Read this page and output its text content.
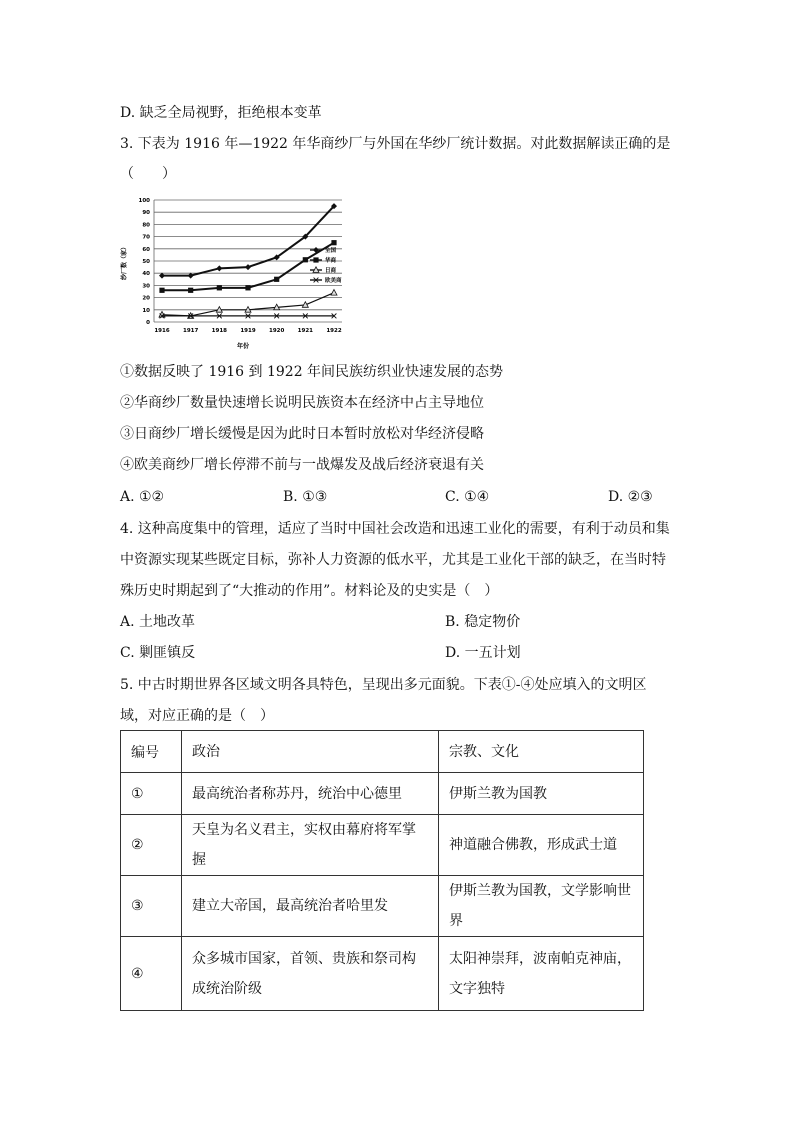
D. 缺乏全局视野，拒绝根本变革
3. 下表为 1916 年—1922 年华商纱厂与外国在华纱厂统计数据。对此数据解读正确的是
（　　）
0
10
20
30
40
50
60
70
80
90
100
1916 1917 1918 1919 1920 1921 1922
全国
华商
日商
欧美商
纱厂数（家）
年份
①数据反映了 1916 到 1922 年间民族纺织业快速发展的态势
②华商纱厂数量快速增长说明民族资本在经济中占主导地位
③日商纱厂增长缓慢是因为此时日本暂时放松对华经济侵略
④欧美商纱厂增长停滞不前与一战爆发及战后经济衰退有关
A. ①②	B. ①③	C. ①④	D. ②③
4. 这种高度集中的管理，适应了当时中国社会改造和迅速工业化的需要，有利于动员和集
中资源实现某些既定目标，弥补人力资源的低水平，尤其是工业化干部的缺乏，在当时特
殊历史时期起到了“大推动的作用”。材料论及的史实是（　）
A. 土地改革	B. 稳定物价
C. 剿匪镇反	D. 一五计划
5. 中古时期世界各区域文明各具特色，呈现出多元面貌。下表①-④处应填入的文明区
域，对应正确的是（　）
编号	政治	宗教、文化
①	最高统治者称苏丹，统治中心德里	伊斯兰教为国教
②	天皇为名义君主，实权由幕府将军掌握	神道融合佛教，形成武士道
③	建立大帝国，最高统治者哈里发	伊斯兰教为国教，文学影响世界
④	众多城市国家，首领、贵族和祭司构成统治阶级	太阳神崇拜，波南帕克神庙，文字独特
